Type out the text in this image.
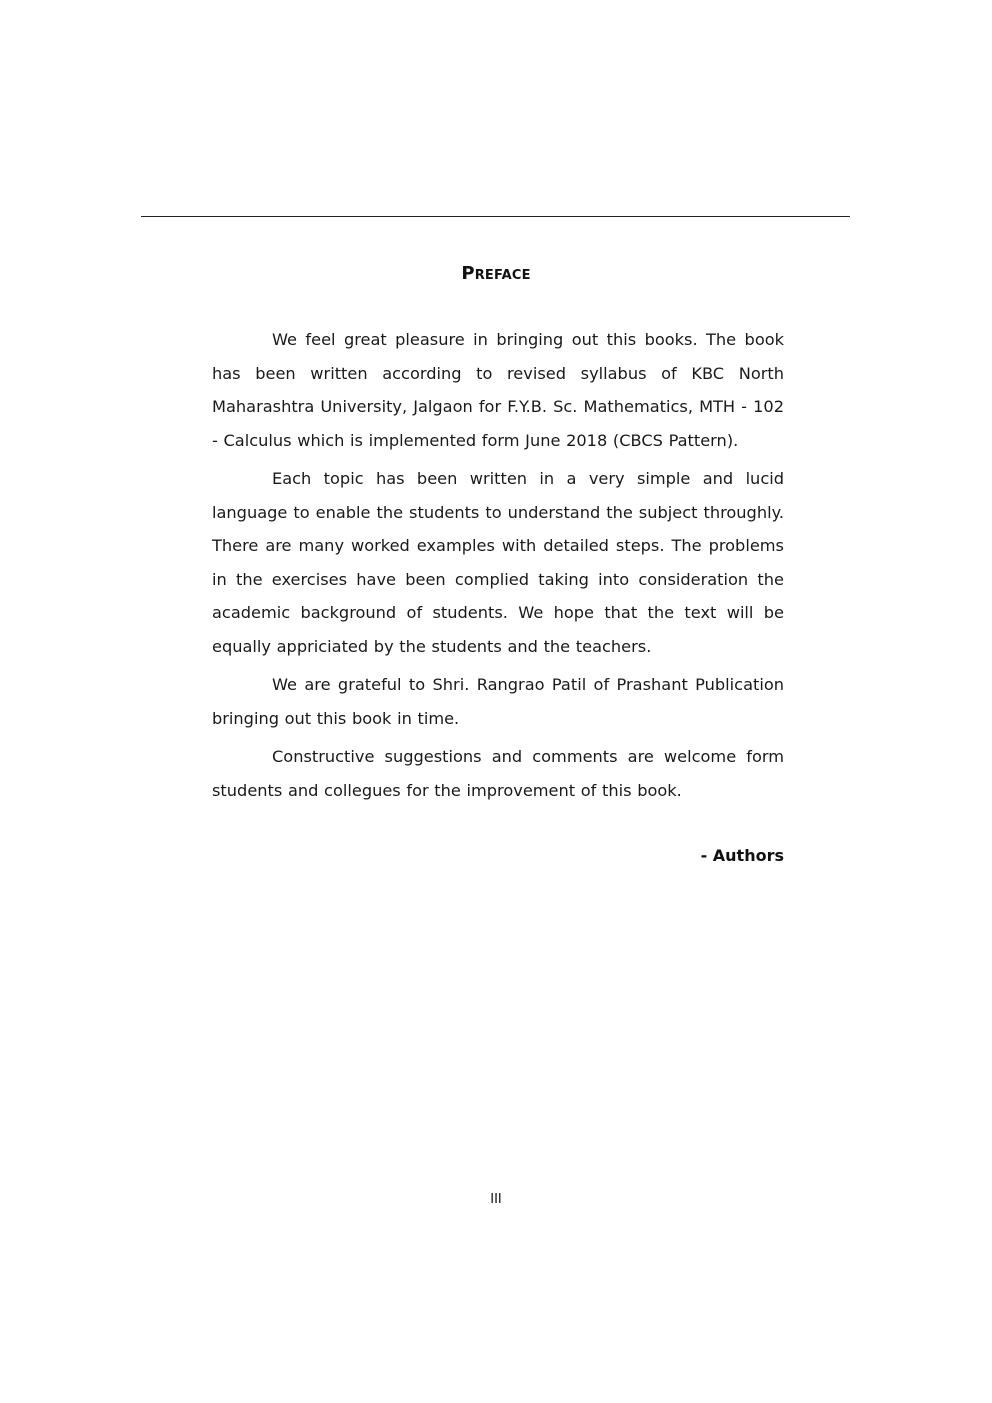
Preface

We feel great pleasure in bringing out this books. The book has been written according to revised syllabus of KBC North Maharashtra University, Jalgaon for F.Y.B. Sc. Mathematics, MTH - 102 - Calculus which is implemented form June 2018 (CBCS Pattern).

Each topic has been written in a very simple and lucid language to enable the students to understand the subject throughly. There are many worked examples with detailed steps. The problems in the exercises have been complied taking into consideration the academic background of students. We hope that the text will be equally appriciated by the students and the teachers.

We are grateful to Shri. Rangrao Patil of Prashant Publication bringing out this book in time.

Constructive suggestions and comments are welcome form students and collegues for the improvement of this book.

- Authors
III
